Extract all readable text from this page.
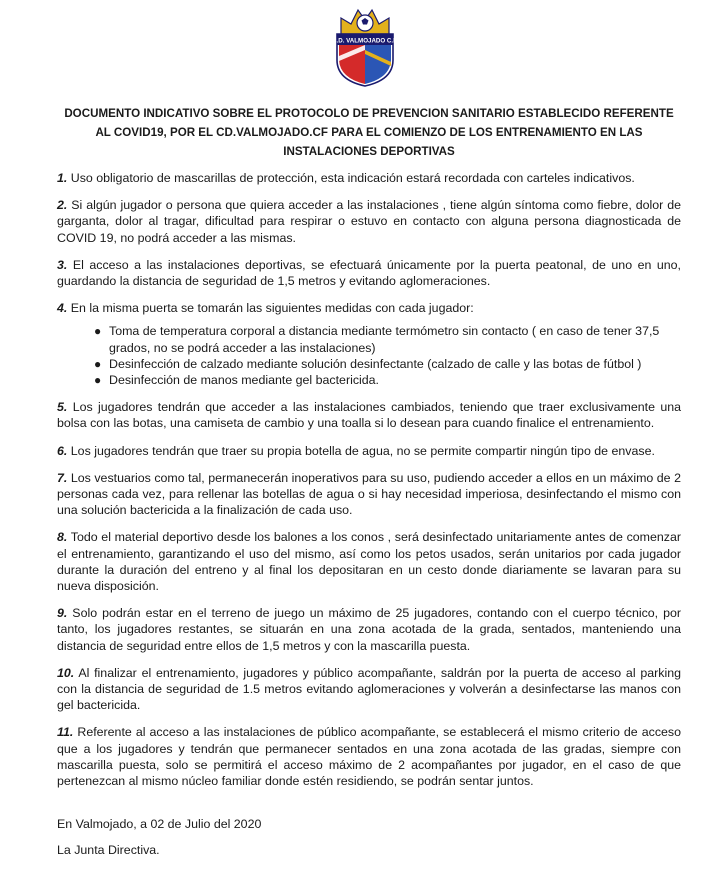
C.D. VALMOJADO C.F.
DOCUMENTO INDICATIVO SOBRE EL PROTOCOLO DE PREVENCION SANITARIO ESTABLECIDO REFERENTE AL COVID19, POR EL CD.VALMOJADO.CF PARA EL COMIENZO DE LOS ENTRENAMIENTO EN LAS INSTALACIONES DEPORTIVAS

1. Uso obligatorio de mascarillas de protección, esta indicación estará recordada con carteles indicativos.

2. Si algún jugador o persona que quiera acceder a las instalaciones , tiene algún síntoma como fiebre, dolor de garganta, dolor al tragar, dificultad para respirar o estuvo en contacto con alguna persona diagnosticada de COVID 19, no podrá acceder a las mismas.

3. El acceso a las instalaciones deportivas, se efectuará únicamente por la puerta peatonal, de uno en uno, guardando la distancia de seguridad de 1,5 metros y evitando aglomeraciones.

4. En la misma puerta se tomarán las siguientes medidas con cada jugador:

● Toma de temperatura corporal a distancia mediante termómetro sin contacto ( en caso de tener 37,5 grados, no se podrá acceder a las instalaciones)
● Desinfección de calzado mediante solución desinfectante (calzado de calle y las botas de fútbol )
● Desinfección de manos mediante gel bactericida.

5. Los jugadores tendrán que acceder a las instalaciones cambiados, teniendo que traer exclusivamente una bolsa con las botas, una camiseta de cambio y una toalla si lo desean para cuando finalice el entrenamiento.

6. Los jugadores tendrán que traer su propia botella de agua, no se permite compartir ningún tipo de envase.

7. Los vestuarios como tal, permanecerán inoperativos para su uso, pudiendo acceder a ellos en un máximo de 2 personas cada vez, para rellenar las botellas de agua o si hay necesidad imperiosa, desinfectando el mismo con una solución bactericida a la finalización de cada uso.

8. Todo el material deportivo desde los balones a los conos , será desinfectado unitariamente antes de comenzar el entrenamiento, garantizando el uso del mismo, así como los petos usados, serán unitarios por cada jugador durante la duración del entreno y al final los depositaran en un cesto donde diariamente se lavaran para su nueva disposición.

9. Solo podrán estar en el terreno de juego un máximo de 25 jugadores, contando con el cuerpo técnico, por tanto, los jugadores restantes, se situarán en una zona acotada de la grada, sentados, manteniendo una distancia de seguridad entre ellos de 1,5 metros y con la mascarilla puesta.

10. Al finalizar el entrenamiento, jugadores y público acompañante, saldrán por la puerta de acceso al parking con la distancia de seguridad de 1.5 metros evitando aglomeraciones y volverán a desinfectarse las manos con gel bactericida.

11. Referente al acceso a las instalaciones de público acompañante, se establecerá el mismo criterio de acceso que a los jugadores y tendrán que permanecer sentados en una zona acotada de las gradas, siempre con mascarilla puesta, solo se permitirá el acceso máximo de 2 acompañantes por jugador, en el caso de que pertenezcan al mismo núcleo familiar donde estén residiendo, se podrán sentar juntos.

En Valmojado, a 02 de Julio del 2020
La Junta Directiva.
